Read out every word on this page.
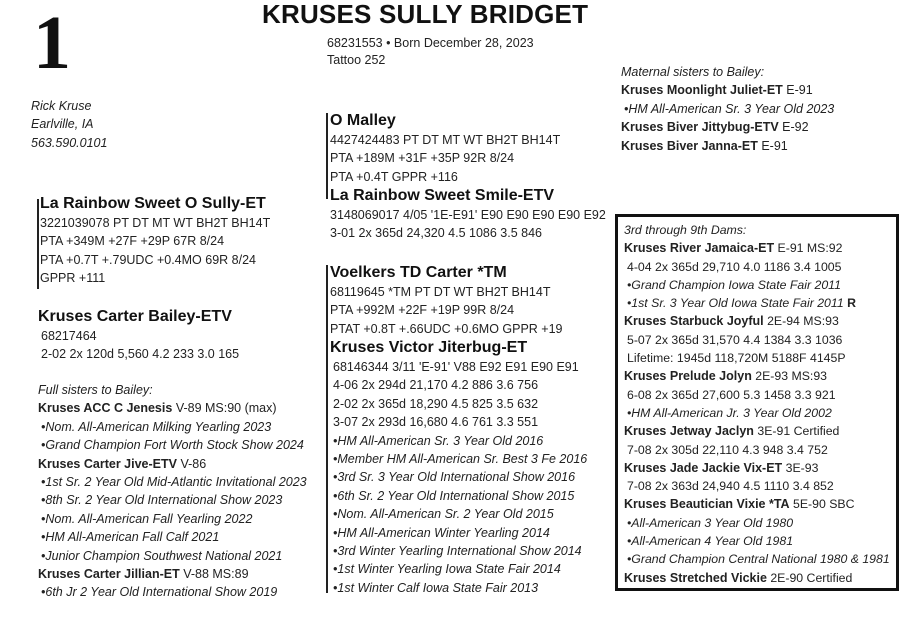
1	KRUSES SULLY BRIDGET
68231553 • Born December 28, 2023
Tattoo 252
Rick Kruse
Earlville, IA
563.590.0101
O Malley
4427424483 PT DT MT WT BH2T BH14T
PTA +189M +31F +35P 92R 8/24
PTA +0.4T GPPR +116
La Rainbow Sweet Smile-ETV
3148069017 4/05 '1E-E91' E90 E90 E90 E90 E92
3-01 2x 365d 24,320 4.5 1086 3.5 846
La Rainbow Sweet O Sully-ET
3221039078 PT DT MT WT BH2T BH14T
PTA +349M +27F +29P 67R 8/24
PTA +0.7T +.79UDC +0.4MO 69R 8/24
GPPR +111
Kruses Carter Bailey-ETV
68217464
2-02 2x 120d 5,560 4.2 233 3.0 165
Voelkers TD Carter *TM
68119645 *TM PT DT WT BH2T BH14T
PTA +992M +22F +19P 99R 8/24
PTAT +0.8T +.66UDC +0.6MO GPPR +19
Kruses Victor Jiterbug-ET
68146344 3/11 'E-91' V88 E92 E91 E90 E91
4-06 2x 294d 21,170 4.2 886 3.6 756
2-02 2x 365d 18,290 4.5 825 3.5 632
3-07 2x 293d 16,680 4.6 761 3.3 551
•HM All-American Sr. 3 Year Old 2016
•Member HM All-American Sr. Best 3 Fe 2016
•3rd Sr. 3 Year Old International Show 2016
•6th Sr. 2 Year Old International Show 2015
•Nom. All-American Sr. 2 Year Old 2015
•HM All-American Winter Yearling 2014
•3rd Winter Yearling International Show 2014
•1st Winter Yearling Iowa State Fair 2014
•1st Winter Calf Iowa State Fair 2013
Full sisters to Bailey:
Kruses ACC C Jenesis V-89 MS:90 (max)
•Nom. All-American Milking Yearling 2023
•Grand Champion Fort Worth Stock Show 2024
Kruses Carter Jive-ETV V-86
•1st Sr. 2 Year Old Mid-Atlantic Invitational 2023
•8th Sr. 2 Year Old International Show 2023
•Nom. All-American Fall Yearling 2022
•HM All-American Fall Calf 2021
•Junior Champion Southwest National 2021
Kruses Carter Jillian-ET V-88 MS:89
•6th Jr 2 Year Old International Show 2019
Maternal sisters to Bailey:
Kruses Moonlight Juliet-ET E-91
•HM All-American Sr. 3 Year Old 2023
Kruses Biver Jittybug-ETV E-92
Kruses Biver Janna-ET E-91
3rd through 9th Dams:
Kruses River Jamaica-ET E-91 MS:92
4-04 2x 365d 29,710 4.0 1186 3.4 1005
•Grand Champion Iowa State Fair 2011
•1st Sr. 3 Year Old Iowa State Fair 2011 R
Kruses Starbuck Joyful 2E-94 MS:93
5-07 2x 365d 31,570 4.4 1384 3.3 1036
Lifetime: 1945d 118,720M 5188F 4145P
Kruses Prelude Jolyn 2E-93 MS:93
6-08 2x 365d 27,600 5.3 1458 3.3 921
•HM All-American Jr. 3 Year Old 2002
Kruses Jetway Jaclyn 3E-91 Certified
7-08 2x 305d 22,110 4.3 948 3.4 752
Kruses Jade Jackie Vix-ET 3E-93
7-08 2x 363d 24,940 4.5 1110 3.4 852
Kruses Beautician Vixie *TA 5E-90 SBC
•All-American 3 Year Old 1980
•All-American 4 Year Old 1981
•Grand Champion Central National 1980 & 1981
Kruses Stretched Vickie 2E-90 Certified
